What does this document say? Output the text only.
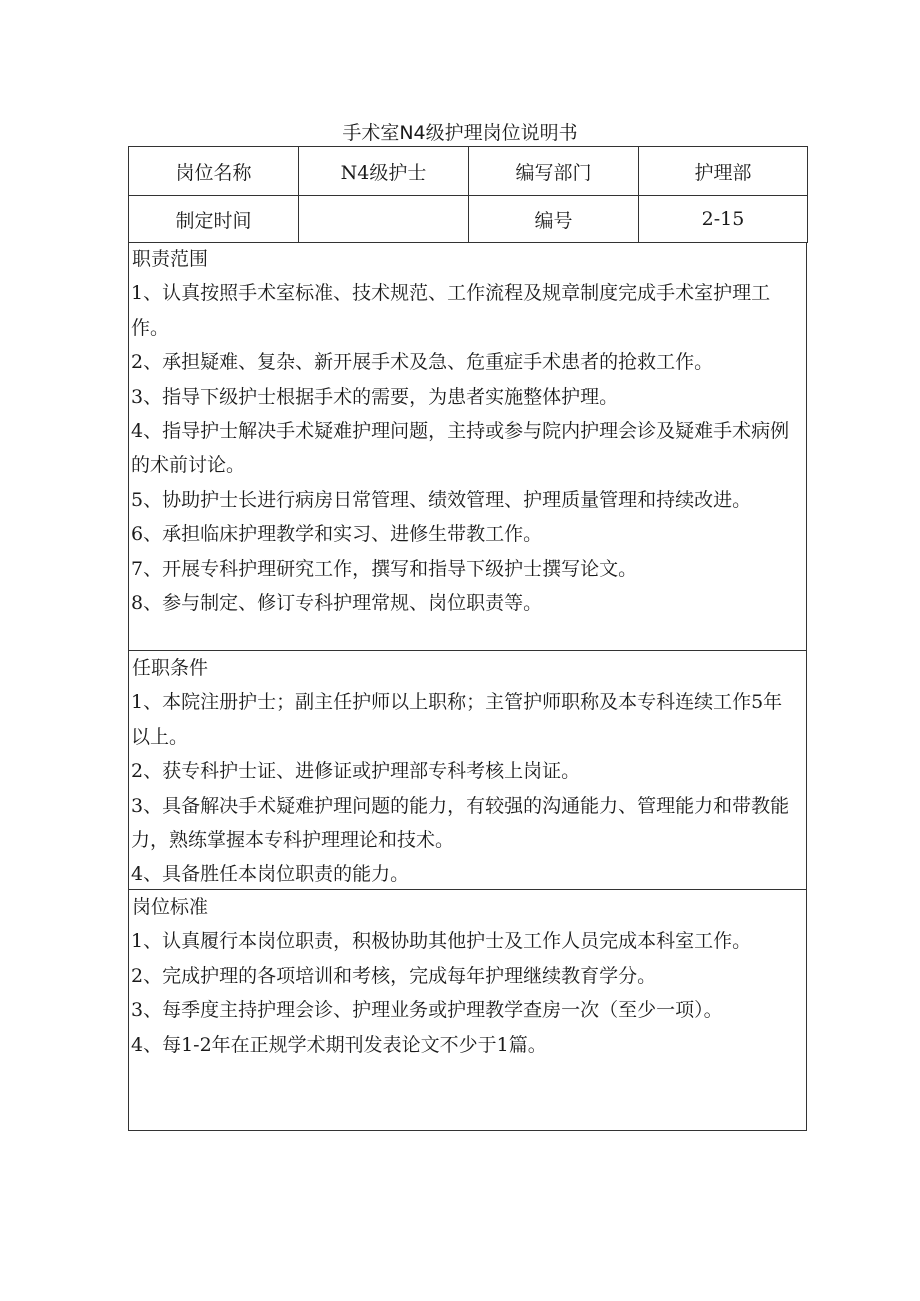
手术室N4级护理岗位说明书
岗位名称	N4级护士	编写部门	护理部
制定时间		编号	2-15
职责范围
1、认真按照手术室标准、技术规范、工作流程及规章制度完成手术室护理工作。
2、承担疑难、复杂、新开展手术及急、危重症手术患者的抢救工作。
3、指导下级护士根据手术的需要，为患者实施整体护理。
4、指导护士解决手术疑难护理问题，主持或参与院内护理会诊及疑难手术病例的术前讨论。
5、协助护士长进行病房日常管理、绩效管理、护理质量管理和持续改进。
6、承担临床护理教学和实习、进修生带教工作。
7、开展专科护理研究工作，撰写和指导下级护士撰写论文。
8、参与制定、修订专科护理常规、岗位职责等。
任职条件
1、本院注册护士；副主任护师以上职称；主管护师职称及本专科连续工作5年以上。
2、获专科护士证、进修证或护理部专科考核上岗证。
3、具备解决手术疑难护理问题的能力，有较强的沟通能力、管理能力和带教能力，熟练掌握本专科护理理论和技术。
4、具备胜任本岗位职责的能力。
岗位标准
1、认真履行本岗位职责，积极协助其他护士及工作人员完成本科室工作。
2、完成护理的各项培训和考核，完成每年护理继续教育学分。
3、每季度主持护理会诊、护理业务或护理教学查房一次（至少一项）。
4、每1-2年在正规学术期刊发表论文不少于1篇。
